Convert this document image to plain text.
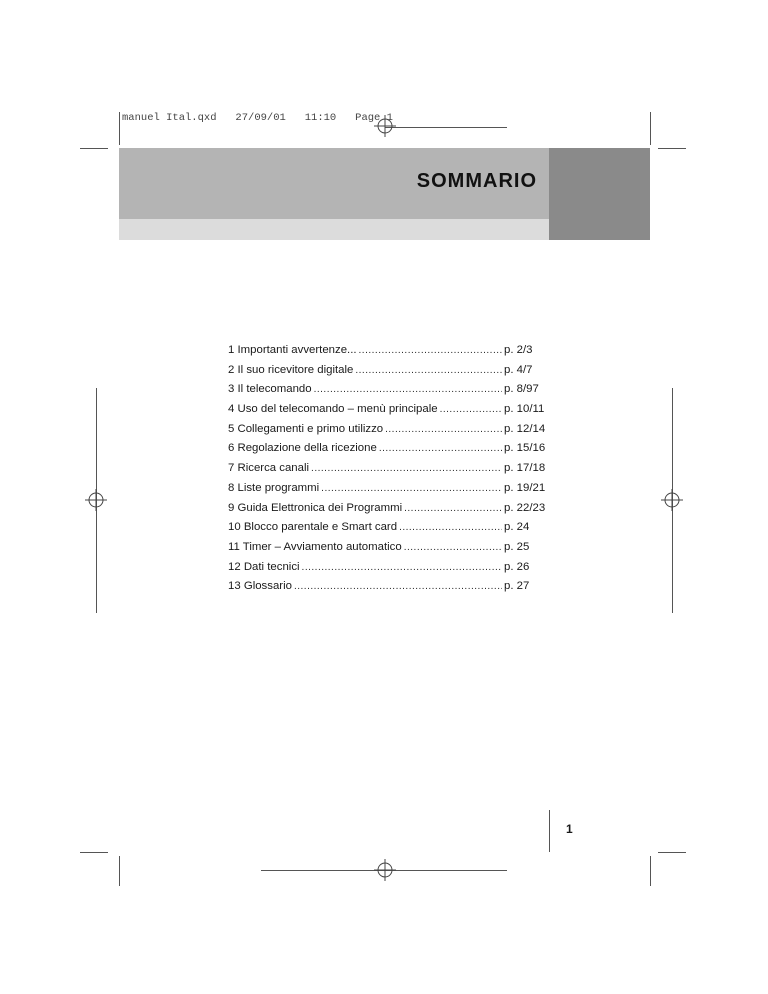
manuel Ital.qxd   27/09/01   11:10   Page 1
SOMMARIO
1 Importanti avvertenze... .....	p. 2/3
2 Il suo ricevitore digitale .....	p. 4/7
3 Il telecomando .....	p. 8/97
4 Uso del telecomando – menù principale .....	p. 10/11
5 Collegamenti e primo utilizzo .....	p. 12/14
6 Regolazione della ricezione .....	p. 15/16
7 Ricerca canali .....	p. 17/18
8 Liste programmi .....	p. 19/21
9 Guida Elettronica dei Programmi .....	p. 22/23
10 Blocco parentale e Smart card .....	p. 24
11 Timer – Avviamento automatico .....	p. 25
12 Dati tecnici .....	p. 26
13 Glossario .....	p. 27
1
